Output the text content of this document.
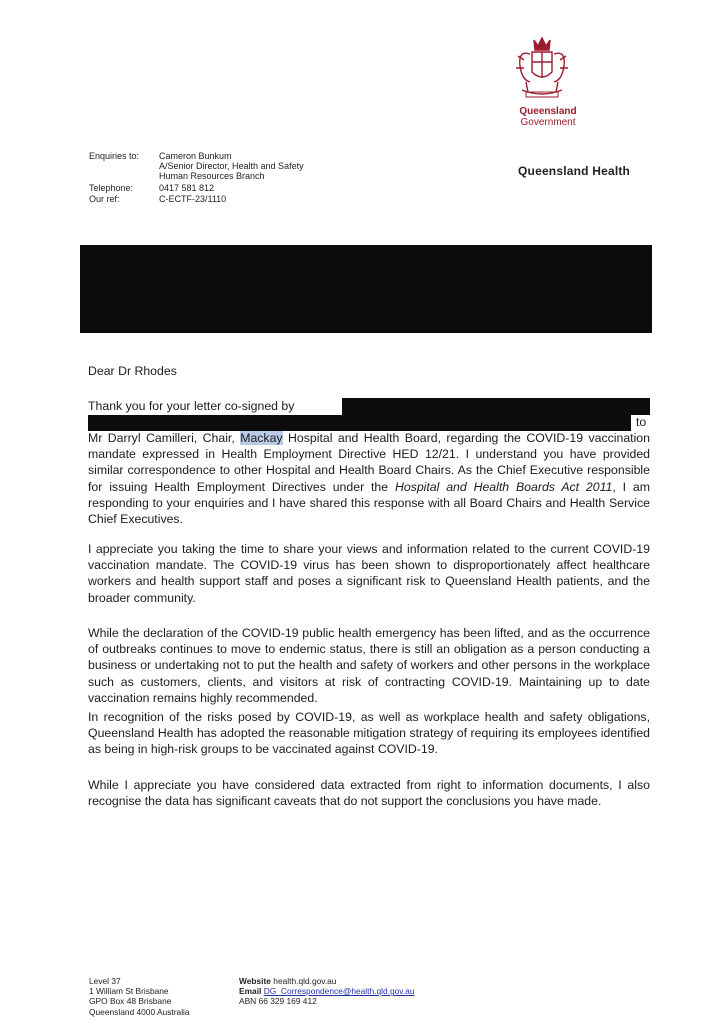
Queensland
Government
Queensland Health
Enquiries to: Cameron Bunkum
A/Senior Director, Health and Safety
Human Resources Branch
Telephone:	0417 581 812
Our ref:	C-ECTF-23/1110
Dear Dr Rhodes
Thank you for your letter co-signed by
to
Mr Darryl Camilleri, Chair, Mackay Hospital and Health Board, regarding the COVID-19 vaccination mandate expressed in Health Employment Directive HED 12/21. I understand you have provided similar correspondence to other Hospital and Health Board Chairs. As the Chief Executive responsible for issuing Health Employment Directives under the Hospital and Health Boards Act 2011, I am responding to your enquiries and I have shared this response with all Board Chairs and Health Service Chief Executives.
I appreciate you taking the time to share your views and information related to the current COVID-19 vaccination mandate. The COVID-19 virus has been shown to disproportionately affect healthcare workers and health support staff and poses a significant risk to Queensland Health patients, and the broader community.
While the declaration of the COVID-19 public health emergency has been lifted, and as the occurrence of outbreaks continues to move to endemic status, there is still an obligation as a person conducting a business or undertaking not to put the health and safety of workers and other persons in the workplace such as customers, clients, and visitors at risk of contracting COVID-19. Maintaining up to date vaccination remains highly recommended.
In recognition of the risks posed by COVID-19, as well as workplace health and safety obligations, Queensland Health has adopted the reasonable mitigation strategy of requiring its employees identified as being in high-risk groups to be vaccinated against COVID-19.
While I appreciate you have considered data extracted from right to information documents, I also recognise the data has significant caveats that do not support the conclusions you have made.
Level 37
1 William St Brisbane
GPO Box 48 Brisbane
Queensland 4000 Australia
Website health.qld.gov.au
Email DG_Correspondence@health.qld.gov.au
ABN 66 329 169 412
